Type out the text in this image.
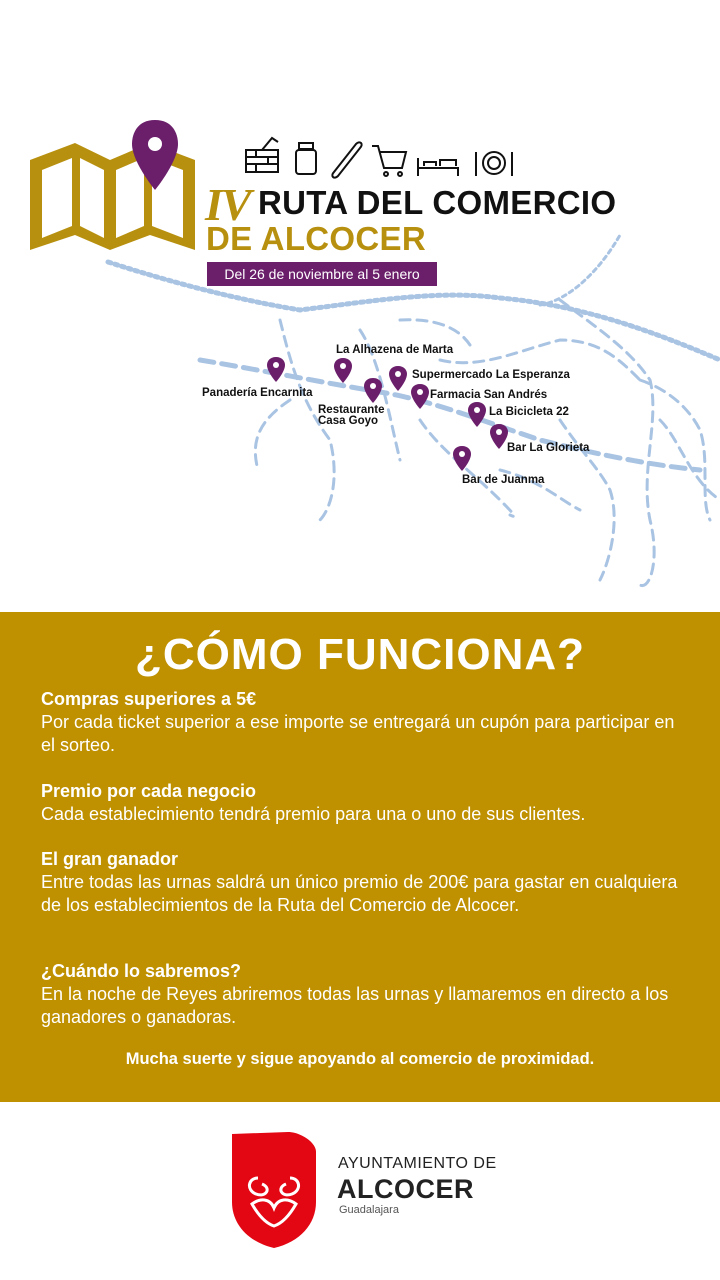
IV RUTA DEL COMERCIO
DE ALCOCER
Del 26 de noviembre al 5 enero
La Alhazena de Marta
Supermercado La Esperanza
Panadería Encarnita
Restaurante
Casa Goyo
Farmacia San Andrés
La Bicicleta 22
Bar La Glorieta
Bar de Juanma
¿CÓMO FUNCIONA?
Compras superiores a 5€
Por cada ticket superior a ese importe se entregará un cupón para participar en el sorteo.
Premio por cada negocio
Cada establecimiento tendrá premio para una o uno de sus clientes.
El gran ganador
Entre todas las urnas saldrá un único premio de 200€ para gastar en cualquiera de los establecimientos de la Ruta del Comercio de Alcocer.
¿Cuándo lo sabremos?
En la noche de Reyes abriremos todas las urnas y llamaremos en directo a los ganadores o ganadoras.
Mucha suerte y sigue apoyando al comercio de proximidad.
AYUNTAMIENTO DE
ALCOCER
Guadalajara
